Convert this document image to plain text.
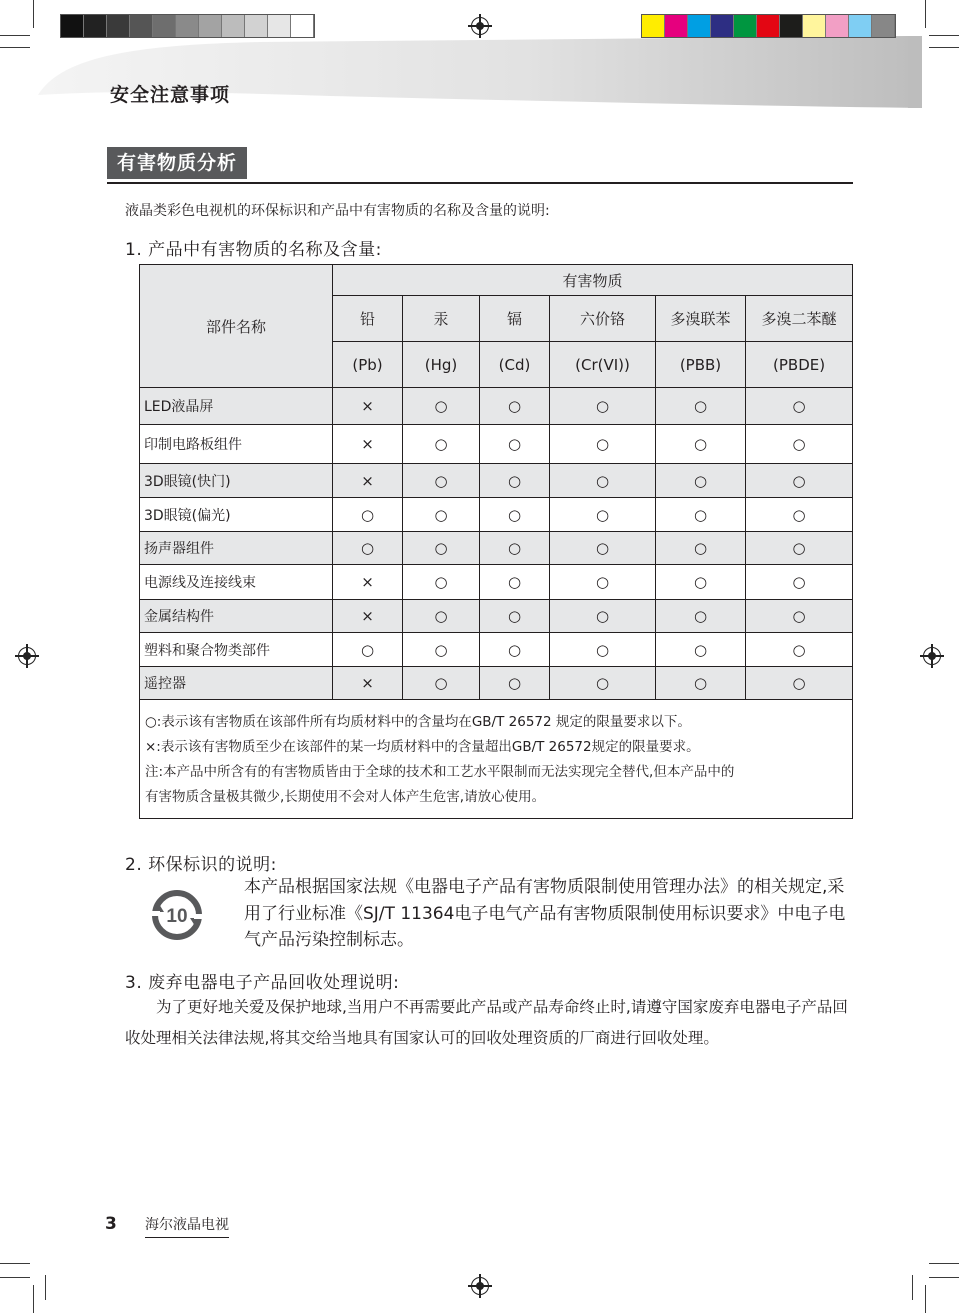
安全注意事项
有害物质分析
液晶类彩色电视机的环保标识和产品中有害物质的名称及含量的说明:
1. 产品中有害物质的名称及含量:
部件名称	有害物质					
	铅	汞	镉	六价铬	多溴联苯	多溴二苯醚
	(Pb)	(Hg)	(Cd)	(Cr(VI))	(PBB)	(PBDE)
LED液晶屏	×	○	○	○	○	○
印制电路板组件	×	○	○	○	○	○
3D眼镜(快门)	×	○	○	○	○	○
3D眼镜(偏光)	○	○	○	○	○	○
扬声器组件	○	○	○	○	○	○
电源线及连接线束	×	○	○	○	○	○
金属结构件	×	○	○	○	○	○
塑料和聚合物类部件	○	○	○	○	○	○
遥控器	×	○	○	○	○	○

○:表示该有害物质在该部件所有均质材料中的含量均在GB/T 26572 规定的限量要求以下。
×:表示该有害物质至少在该部件的某一均质材料中的含量超出GB/T 26572规定的限量要求。
注:本产品中所含有的有害物质皆由于全球的技术和工艺水平限制而无法实现完全替代,但本产品中的
有害物质含量极其微少,长期使用不会对人体产生危害,请放心使用。						
2. 环保标识的说明:
10
本产品根据国家法规《电器电子产品有害物质限制使用管理办法》的相关规定,采用了行业标准《SJ/T 11364电子电气产品有害物质限制使用标识要求》中电子电气产品污染控制标志。
3. 废弃电器电子产品回收处理说明:
为了更好地关爱及保护地球,当用户不再需要此产品或产品寿命终止时,请遵守国家废弃电器电子产品回收处理相关法律法规,将其交给当地具有国家认可的回收处理资质的厂商进行回收处理。
3 海尔液晶电视
